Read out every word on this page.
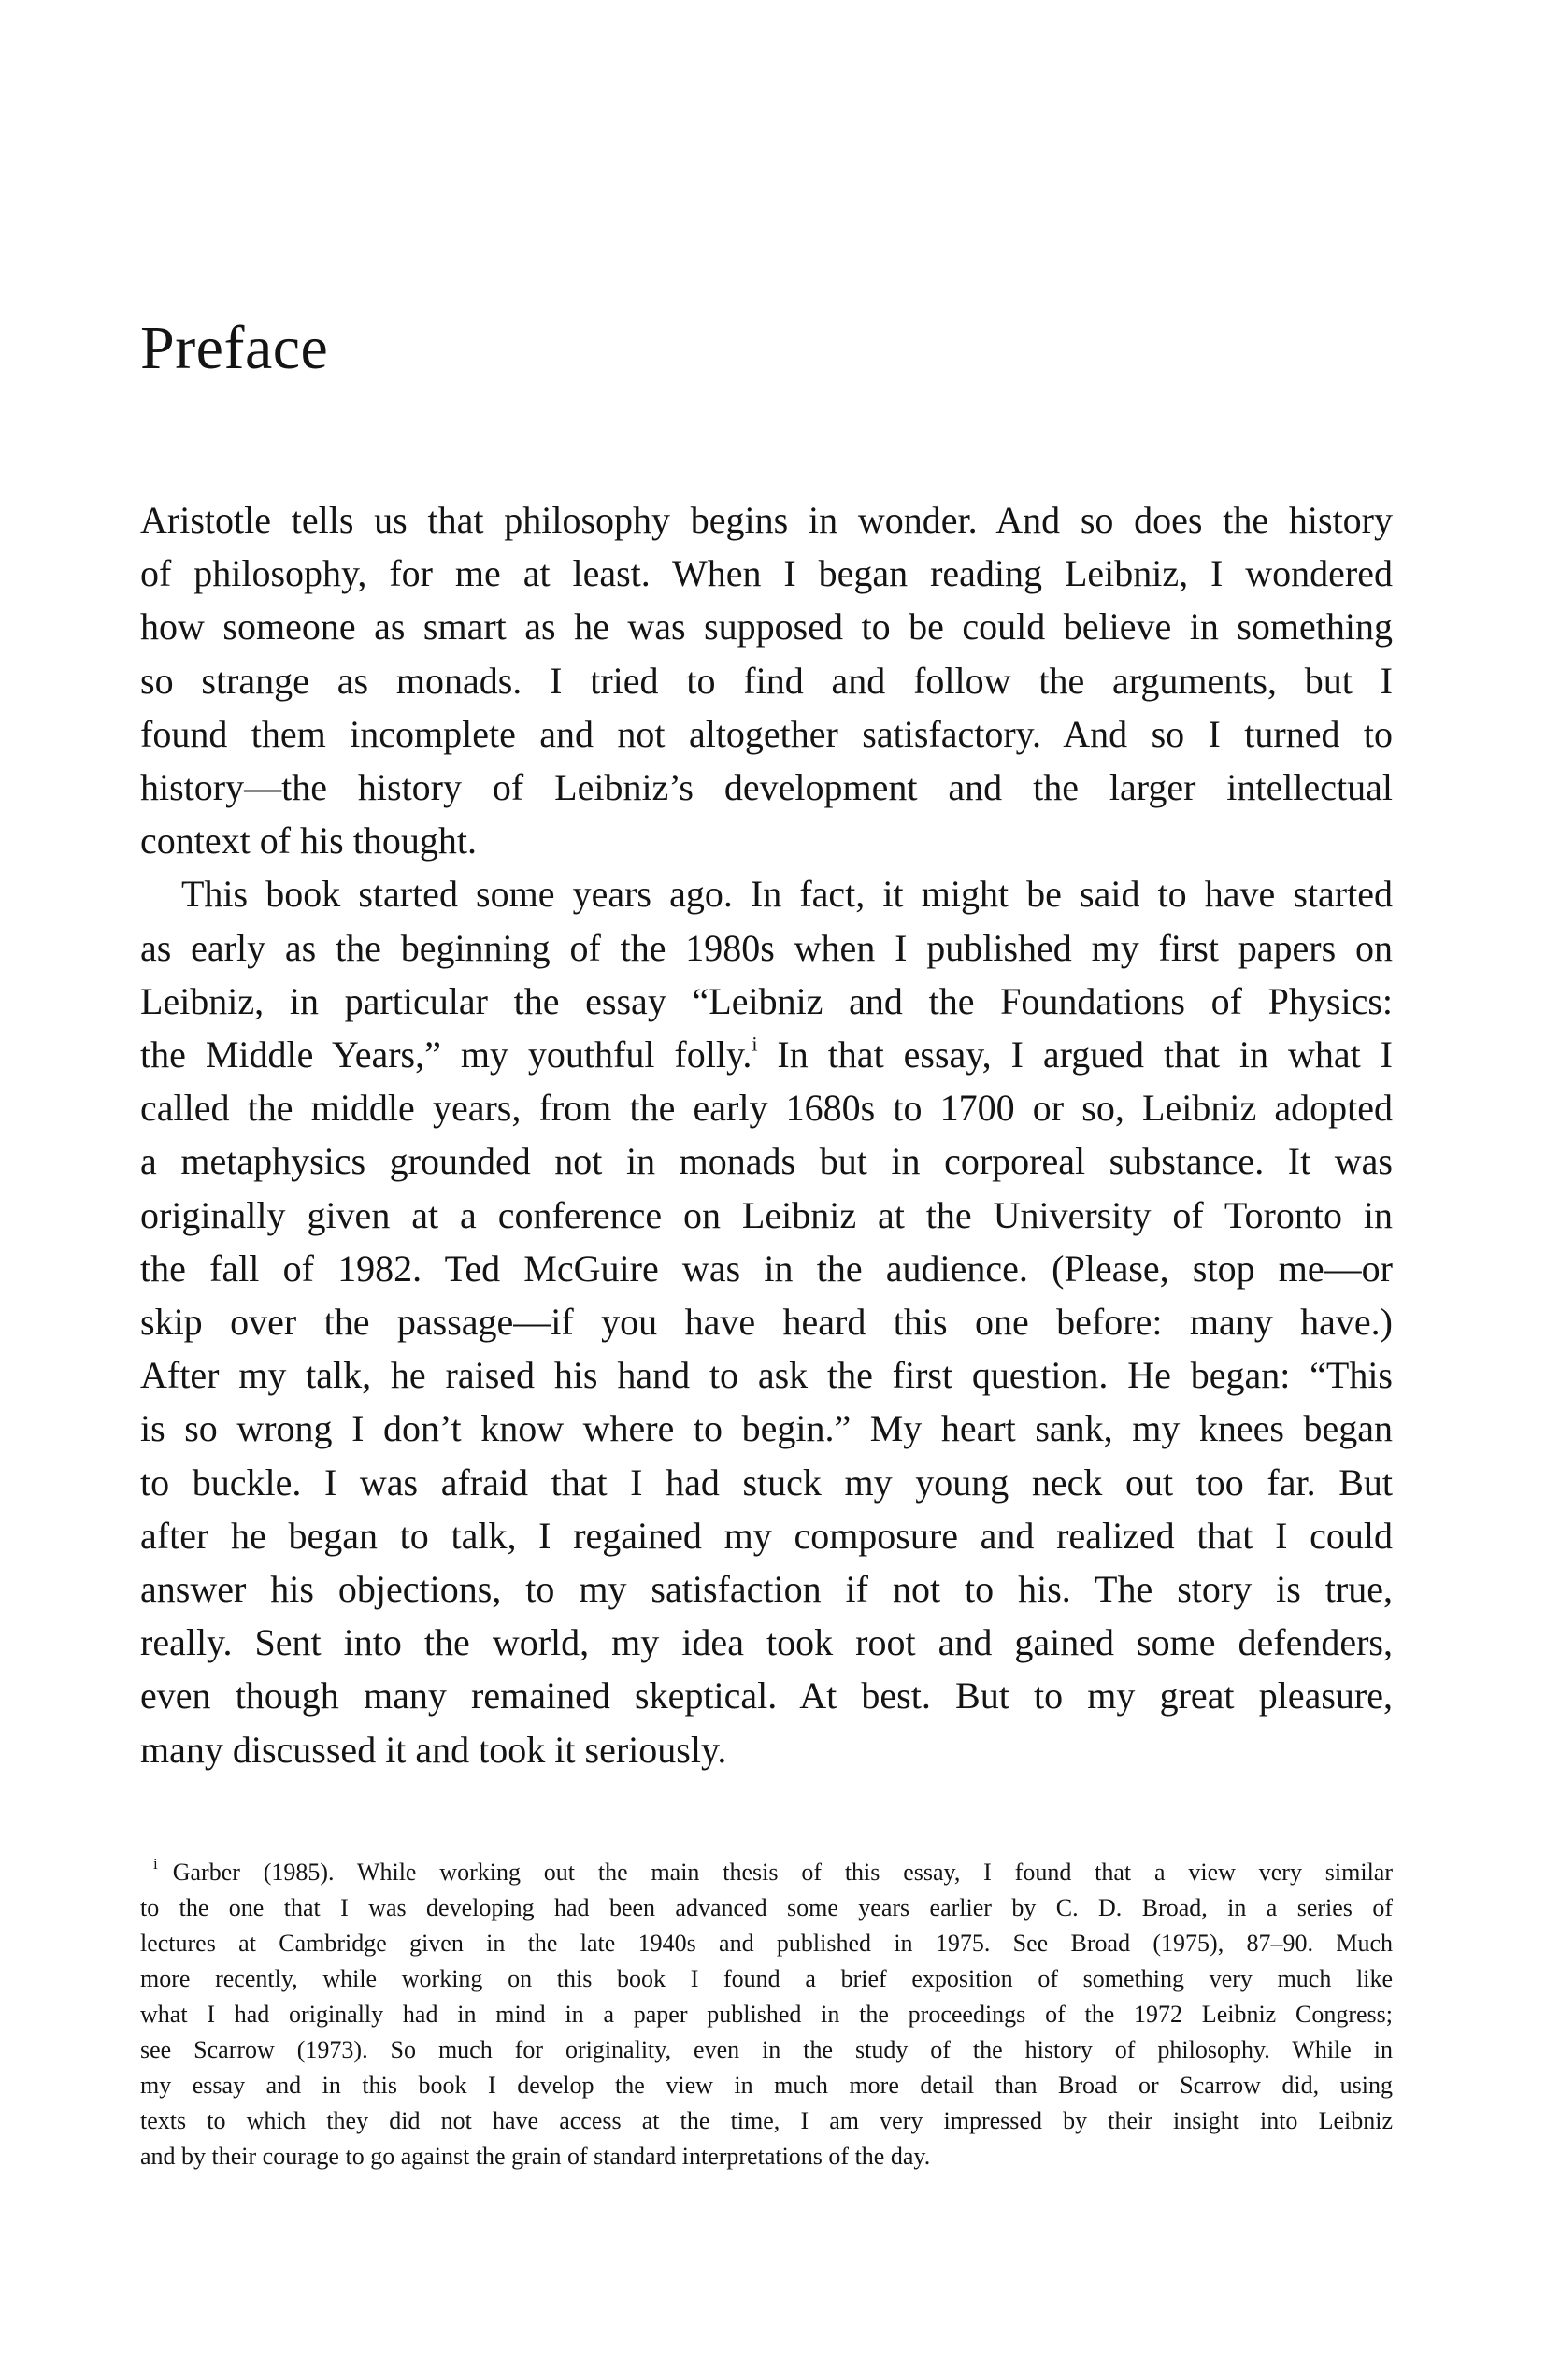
Preface
Aristotle tells us that philosophy begins in wonder. And so does the history
of philosophy, for me at least. When I began reading Leibniz, I wondered
how someone as smart as he was supposed to be could believe in something
so strange as monads. I tried to find and follow the arguments, but I
found them incomplete and not altogether satisfactory. And so I turned to
history—the history of Leibniz’s development and the larger intellectual
context of his thought.
This book started some years ago. In fact, it might be said to have started
as early as the beginning of the 1980s when I published my first papers on
Leibniz, in particular the essay “Leibniz and the Foundations of Physics:
the Middle Years,” my youthful folly.$^i$ In that essay, I argued that in what I
called the middle years, from the early 1680s to 1700 or so, Leibniz adopted
a metaphysics grounded not in monads but in corporeal substance. It was
originally given at a conference on Leibniz at the University of Toronto in
the fall of 1982. Ted McGuire was in the audience. (Please, stop me—or
skip over the passage—if you have heard this one before: many have.)
After my talk, he raised his hand to ask the first question. He began: “This
is so wrong I don’t know where to begin.” My heart sank, my knees began
to buckle. I was afraid that I had stuck my young neck out too far. But
after he began to talk, I regained my composure and realized that I could
answer his objections, to my satisfaction if not to his. The story is true,
really. Sent into the world, my idea took root and gained some defenders,
even though many remained skeptical. At best. But to my great pleasure,
many discussed it and took it seriously.
$^i$ Garber (1985). While working out the main thesis of this essay, I found that a view very similar
to the one that I was developing had been advanced some years earlier by C. D. Broad, in a series of
lectures at Cambridge given in the late 1940s and published in 1975. See Broad (1975), 87–90. Much
more recently, while working on this book I found a brief exposition of something very much like
what I had originally had in mind in a paper published in the proceedings of the 1972 Leibniz Congress;
see Scarrow (1973). So much for originality, even in the study of the history of philosophy. While in
my essay and in this book I develop the view in much more detail than Broad or Scarrow did, using
texts to which they did not have access at the time, I am very impressed by their insight into Leibniz
and by their courage to go against the grain of standard interpretations of the day.
